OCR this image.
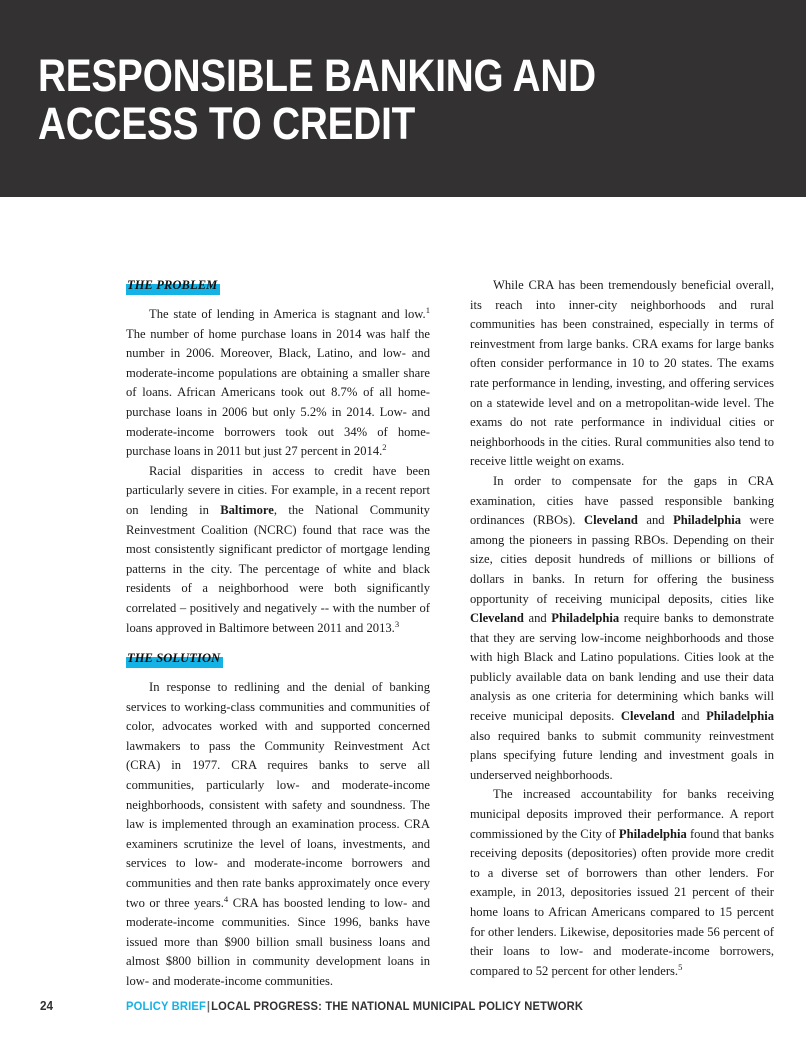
RESPONSIBLE BANKING AND ACCESS TO CREDIT
THE PROBLEM

The state of lending in America is stagnant and low.$^1$ The number of home purchase loans in 2014 was half the number in 2006. Moreover, Black, Latino, and low- and moderate-income populations are obtaining a smaller share of loans. African Americans took out 8.7% of all home-purchase loans in 2006 but only 5.2% in 2014. Low- and moderate-income borrowers took out 34% of home-purchase loans in 2011 but just 27 percent in 2014.$^2$

Racial disparities in access to credit have been particularly severe in cities. For example, in a recent report on lending in Baltimore, the National Community Reinvestment Coalition (NCRC) found that race was the most consistently significant predictor of mortgage lending patterns in the city. The percentage of white and black residents of a neighborhood were both significantly correlated – positively and negatively -- with the number of loans approved in Baltimore between 2011 and 2013.$^3$

THE SOLUTION

In response to redlining and the denial of banking services to working-class communities and communities of color, advocates worked with and supported concerned lawmakers to pass the Community Reinvestment Act (CRA) in 1977. CRA requires banks to serve all communities, particularly low- and moderate-income neighborhoods, consistent with safety and soundness. The law is implemented through an examination process. CRA examiners scrutinize the level of loans, investments, and services to low- and moderate-income borrowers and communities and then rate banks approximately once every two or three years.$^4$ CRA has boosted lending to low- and moderate-income communities. Since 1996, banks have issued more than $900 billion small business loans and almost $800 billion in community development loans in low- and moderate-income communities.

While CRA has been tremendously beneficial overall, its reach into inner-city neighborhoods and rural communities has been constrained, especially in terms of reinvestment from large banks. CRA exams for large banks often consider performance in 10 to 20 states. The exams rate performance in lending, investing, and offering services on a statewide level and on a metropolitan-wide level. The exams do not rate performance in individual cities or neighborhoods in the cities. Rural communities also tend to receive little weight on exams.

In order to compensate for the gaps in CRA examination, cities have passed responsible banking ordinances (RBOs). Cleveland and Philadelphia were among the pioneers in passing RBOs. Depending on their size, cities deposit hundreds of millions or billions of dollars in banks. In return for offering the business opportunity of receiving municipal deposits, cities like Cleveland and Philadelphia require banks to demonstrate that they are serving low-income neighborhoods and those with high Black and Latino populations. Cities look at the publicly available data on bank lending and use their data analysis as one criteria for determining which banks will receive municipal deposits. Cleveland and Philadelphia also required banks to submit community reinvestment plans specifying future lending and investment goals in underserved neighborhoods.

The increased accountability for banks receiving municipal deposits improved their performance. A report commissioned by the City of Philadelphia found that banks receiving deposits (depositories) often provide more credit to a diverse set of borrowers than other lenders. For example, in 2013, depositories issued 21 percent of their home loans to African Americans compared to 15 percent for other lenders. Likewise, depositories made 56 percent of their loans to low- and moderate-income borrowers, compared to 52 percent for other lenders.$^5$

24	POLICY BRIEF|LOCAL PROGRESS: THE NATIONAL MUNICIPAL POLICY NETWORK
